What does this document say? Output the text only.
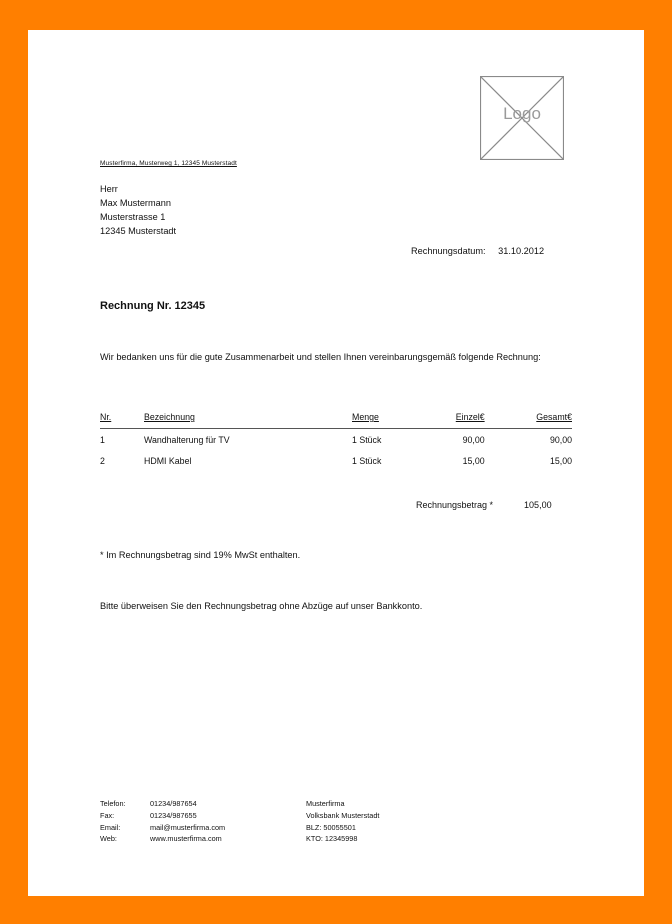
Logo
Musterfirma, Musterweg 1, 12345 Musterstadt
Herr
Max Mustermann
Musterstrasse 1
12345 Musterstadt
Rechnungsdatum: 31.10.2012
Rechnung Nr. 12345
Wir bedanken uns für die gute Zusammenarbeit und stellen Ihnen vereinbarungsgemäß folgende Rechnung:
Nr.	Bezeichnung	Menge	Einzel€	Gesamt€
1	Wandhalterung für TV	1 Stück	90,00	90,00
2	HDMI Kabel	1 Stück	15,00	15,00
Rechnungsbetrag *	105,00
* Im Rechnungsbetrag sind 19% MwSt enthalten.
Bitte überweisen Sie den Rechnungsbetrag ohne Abzüge auf unser Bankkonto.
Telefon:	01234/987654
Fax:	01234/987655
Email:	mail@musterfirma.com
Web:	www.musterfirma.com
Musterfirma
Volksbank Musterstadt
BLZ: 50055501
KTO: 12345998
